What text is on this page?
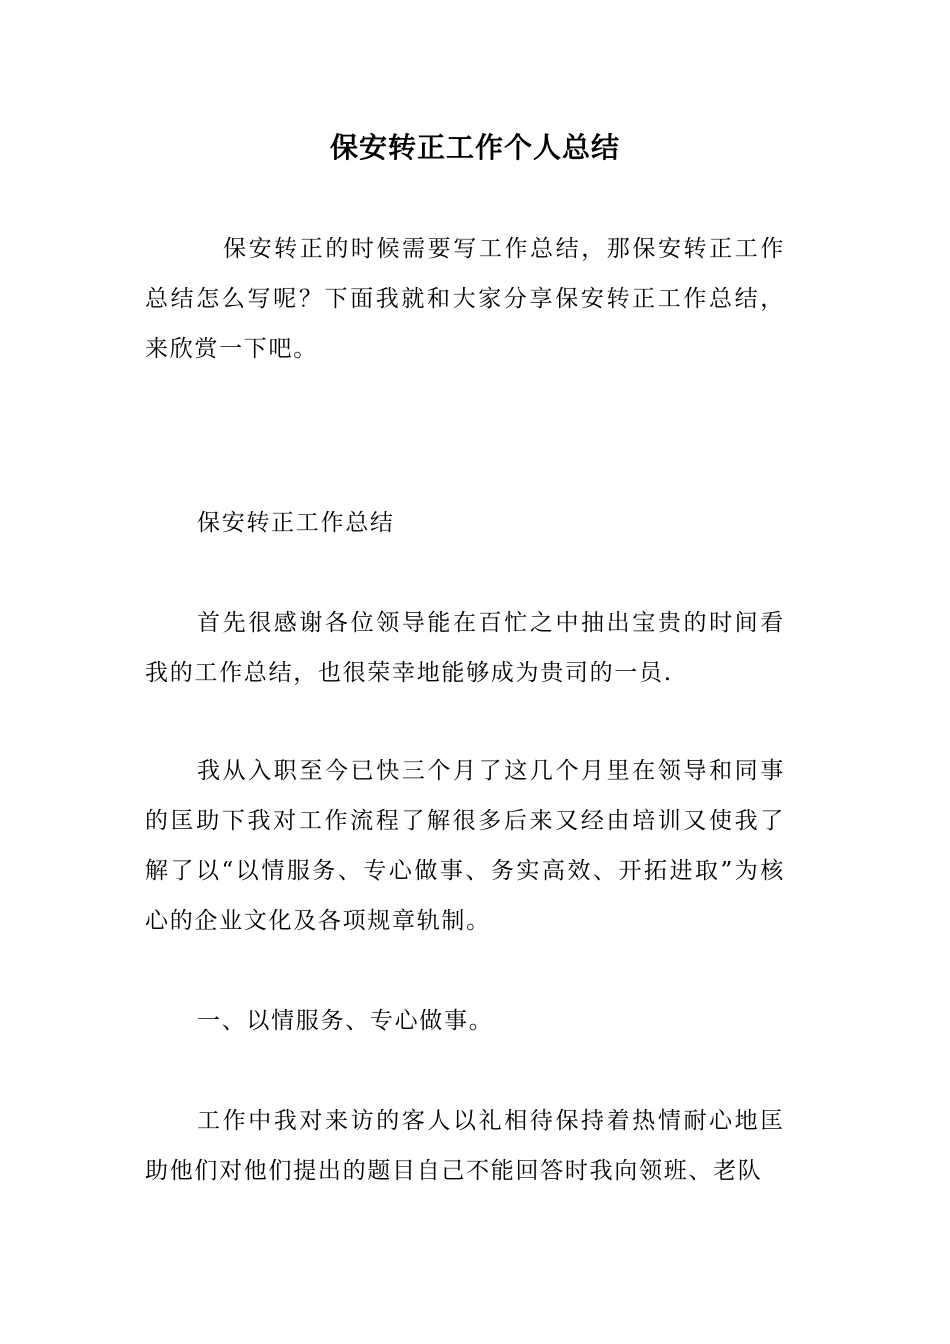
保安转正工作个人总结

保安转正的时候需要写工作总结，那保安转正工作总结怎么写呢？下面我就和大家分享保安转正工作总结，来欣赏一下吧。

保安转正工作总结

首先很感谢各位领导能在百忙之中抽出宝贵的时间看我的工作总结，也很荣幸地能够成为贵司的一员.

我从入职至今已快三个月了这几个月里在领导和同事的匡助下我对工作流程了解很多后来又经由培训又使我了解了以“以情服务、专心做事、务实高效、开拓进取”为核心的企业文化及各项规章轨制。

一、以情服务、专心做事。

工作中我对来访的客人以礼相待保持着热情耐心地匡助他们对他们提出的题目自己不能回答时我向领班、老队
